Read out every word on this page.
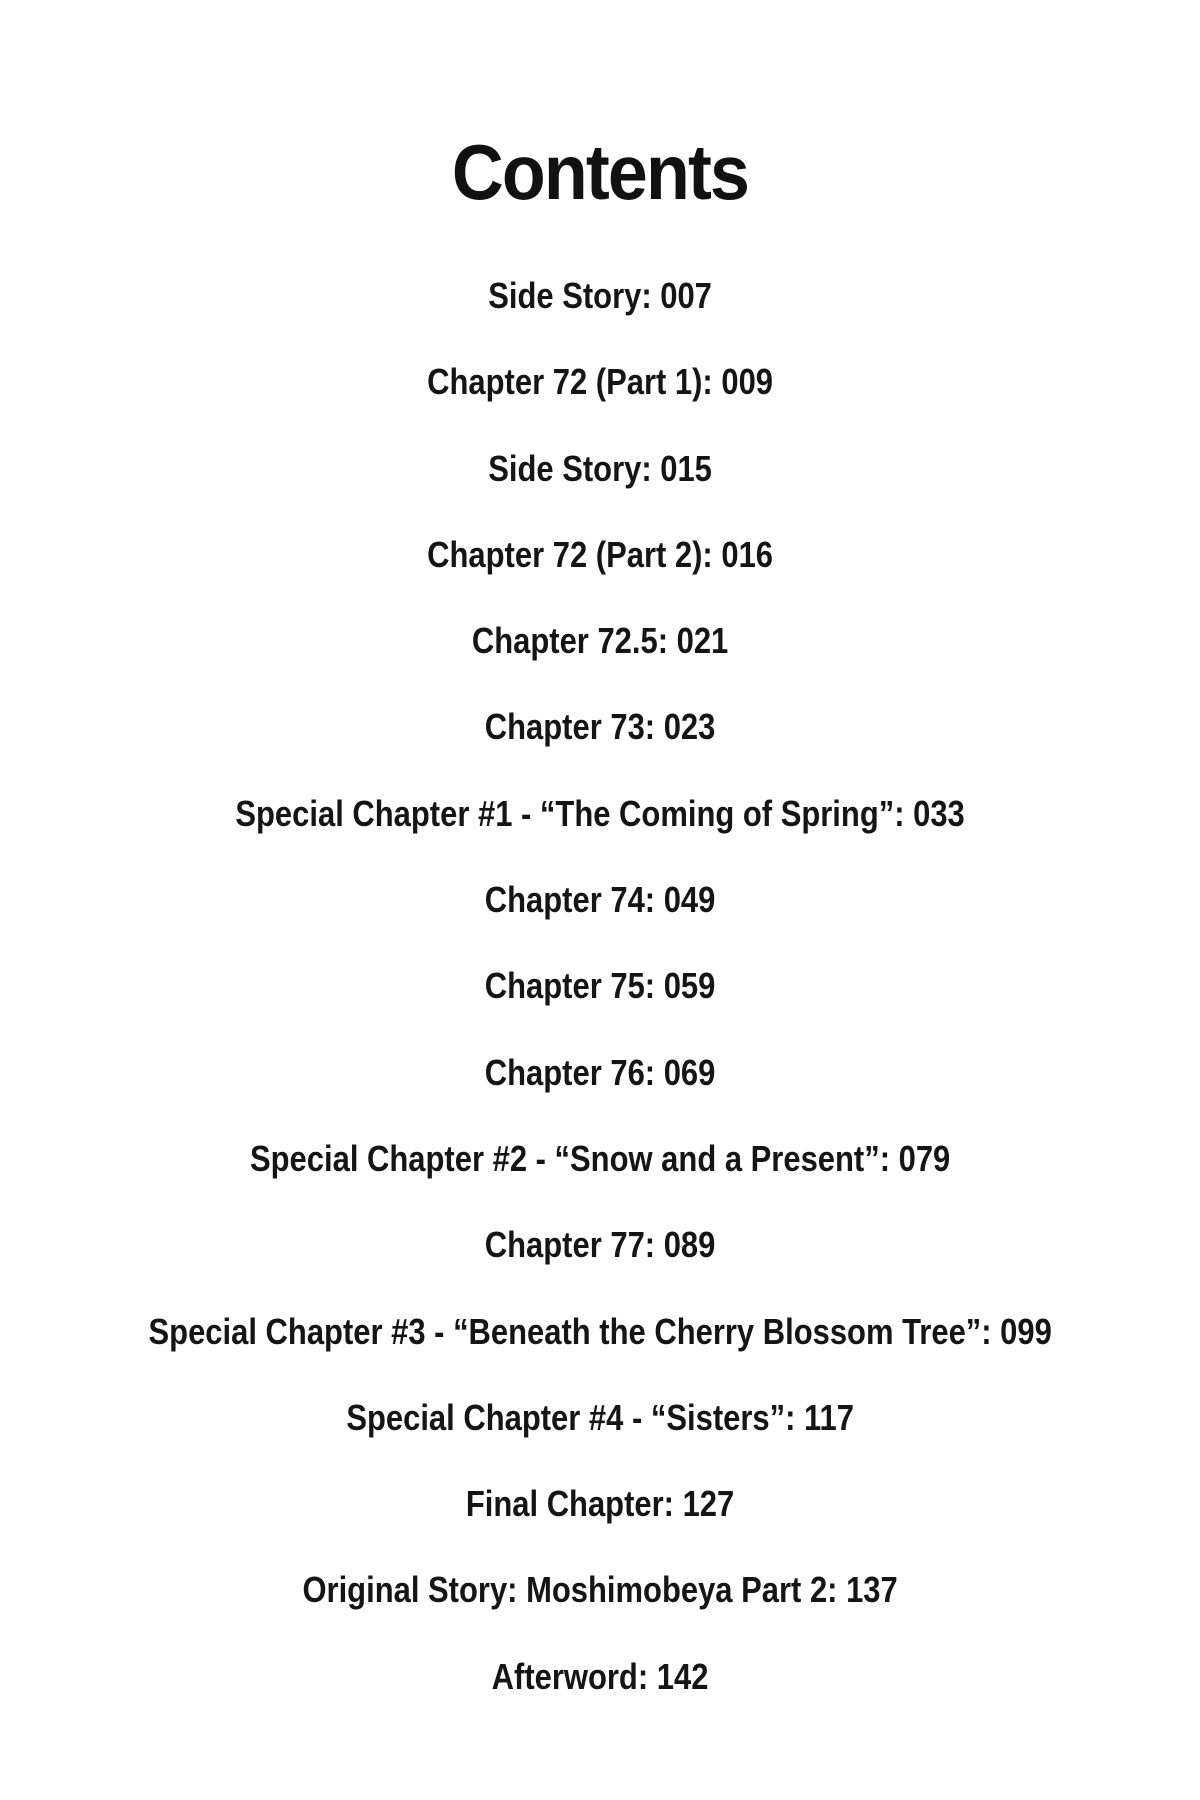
Contents
Side Story: 007
Chapter 72 (Part 1): 009
Side Story: 015
Chapter 72 (Part 2): 016
Chapter 72.5: 021
Chapter 73: 023
Special Chapter #1 - “The Coming of Spring”: 033
Chapter 74: 049
Chapter 75: 059
Chapter 76: 069
Special Chapter #2 - “Snow and a Present”: 079
Chapter 77: 089
Special Chapter #3 - “Beneath the Cherry Blossom Tree”: 099
Special Chapter #4 - “Sisters”: 117
Final Chapter: 127
Original Story: Moshimobeya Part 2: 137
Afterword: 142
